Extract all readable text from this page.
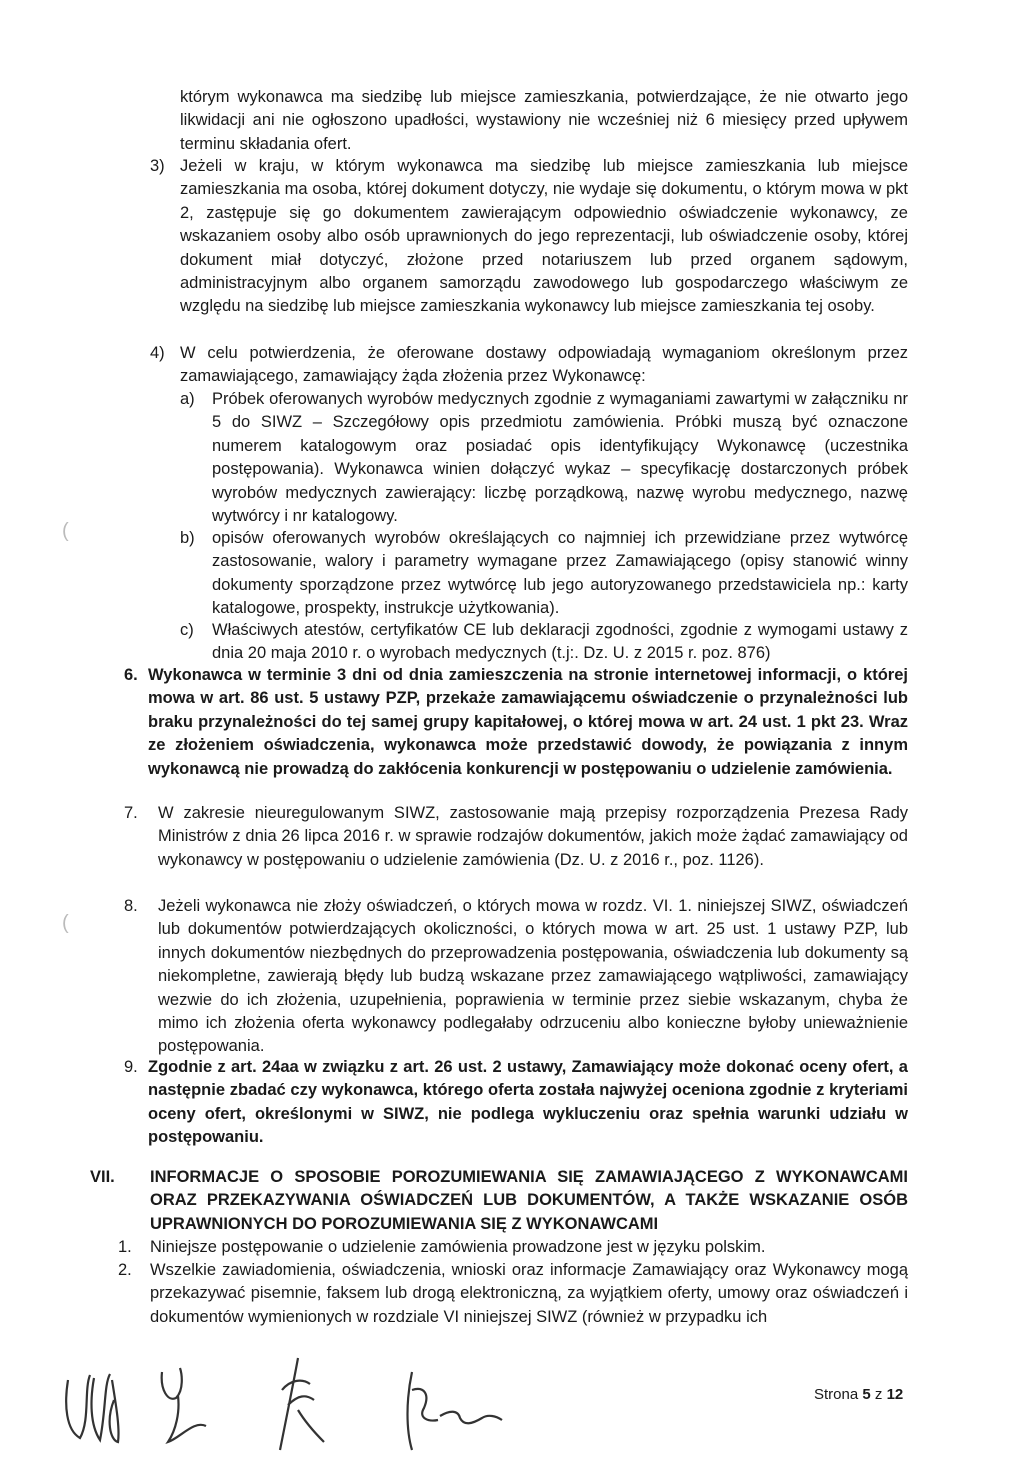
którym wykonawca ma siedzibę lub miejsce zamieszkania, potwierdzające, że nie otwarto jego likwidacji ani nie ogłoszono upadłości, wystawiony nie wcześniej niż 6 miesięcy przed upływem terminu składania ofert.
3) Jeżeli w kraju, w którym wykonawca ma siedzibę lub miejsce zamieszkania lub miejsce zamieszkania ma osoba, której dokument dotyczy, nie wydaje się dokumentu, o którym mowa w pkt 2, zastępuje się go dokumentem zawierającym odpowiednio oświadczenie wykonawcy, ze wskazaniem osoby albo osób uprawnionych do jego reprezentacji, lub oświadczenie osoby, której dokument miał dotyczyć, złożone przed notariuszem lub przed organem sądowym, administracyjnym albo organem samorządu zawodowego lub gospodarczego właściwym ze względu na siedzibę lub miejsce zamieszkania wykonawcy lub miejsce zamieszkania tej osoby.
4) W celu potwierdzenia, że oferowane dostawy odpowiadają wymaganiom określonym przez zamawiającego, zamawiający żąda złożenia przez Wykonawcę:
a) Próbek oferowanych wyrobów medycznych zgodnie z wymaganiami zawartymi w załączniku nr 5 do SIWZ – Szczegółowy opis przedmiotu zamówienia. Próbki muszą być oznaczone numerem katalogowym oraz posiadać opis identyfikujący Wykonawcę (uczestnika postępowania). Wykonawca winien dołączyć wykaz – specyfikację dostarczonych próbek wyrobów medycznych zawierający: liczbę porządkową, nazwę wyrobu medycznego, nazwę wytwórcy i nr katalogowy.
b) opisów oferowanych wyrobów określających co najmniej ich przewidziane przez wytwórcę zastosowanie, walory i parametry wymagane przez Zamawiającego (opisy stanowić winny dokumenty sporządzone przez wytwórcę lub jego autoryzowanego przedstawiciela np.: karty katalogowe, prospekty, instrukcje użytkowania).
c) Właściwych atestów, certyfikatów CE lub deklaracji zgodności, zgodnie z wymogami ustawy z dnia 20 maja 2010 r. o wyrobach medycznych (t.j:. Dz. U. z 2015 r. poz. 876)
6. Wykonawca w terminie 3 dni od dnia zamieszczenia na stronie internetowej informacji, o której mowa w art. 86 ust. 5 ustawy PZP, przekaże zamawiającemu oświadczenie o przynależności lub braku przynależności do tej samej grupy kapitałowej, o której mowa w art. 24 ust. 1 pkt 23. Wraz ze złożeniem oświadczenia, wykonawca może przedstawić dowody, że powiązania z innym wykonawcą nie prowadzą do zakłócenia konkurencji w postępowaniu o udzielenie zamówienia.
7. W zakresie nieuregulowanym SIWZ, zastosowanie mają przepisy rozporządzenia Prezesa Rady Ministrów z dnia 26 lipca 2016 r. w sprawie rodzajów dokumentów, jakich może żądać zamawiający od wykonawcy w postępowaniu o udzielenie zamówienia (Dz. U. z 2016 r., poz. 1126).
8. Jeżeli wykonawca nie złoży oświadczeń, o których mowa w rozdz. VI. 1. niniejszej SIWZ, oświadczeń lub dokumentów potwierdzających okoliczności, o których mowa w art. 25 ust. 1 ustawy PZP, lub innych dokumentów niezbędnych do przeprowadzenia postępowania, oświadczenia lub dokumenty są niekompletne, zawierają błędy lub budzą wskazane przez zamawiającego wątpliwości, zamawiający wezwie do ich złożenia, uzupełnienia, poprawienia w terminie przez siebie wskazanym, chyba że mimo ich złożenia oferta wykonawcy podlegałaby odrzuceniu albo konieczne byłoby unieważnienie postępowania.
9. Zgodnie z art. 24aa w związku z art. 26 ust. 2 ustawy, Zamawiający może dokonać oceny ofert, a następnie zbadać czy wykonawca, którego oferta została najwyżej oceniona zgodnie z kryteriami oceny ofert, określonymi w SIWZ, nie podlega wykluczeniu oraz spełnia warunki udziału w postępowaniu.
VII. INFORMACJE O SPOSOBIE POROZUMIEWANIA SIĘ ZAMAWIAJĄCEGO Z WYKONAWCAMI ORAZ PRZEKAZYWANIA OŚWIADCZEŃ LUB DOKUMENTÓW, A TAKŻE WSKAZANIE OSÓB UPRAWNIONYCH DO POROZUMIEWANIA SIĘ Z WYKONAWCAMI
1. Niniejsze postępowanie o udzielenie zamówienia prowadzone jest w języku polskim.
2. Wszelkie zawiadomienia, oświadczenia, wnioski oraz informacje Zamawiający oraz Wykonawcy mogą przekazywać pisemnie, faksem lub drogą elektroniczną, za wyjątkiem oferty, umowy oraz oświadczeń i dokumentów wymienionych w rozdziale VI niniejszej SIWZ (również w przypadku ich
(
(
Strona 5 z 12
